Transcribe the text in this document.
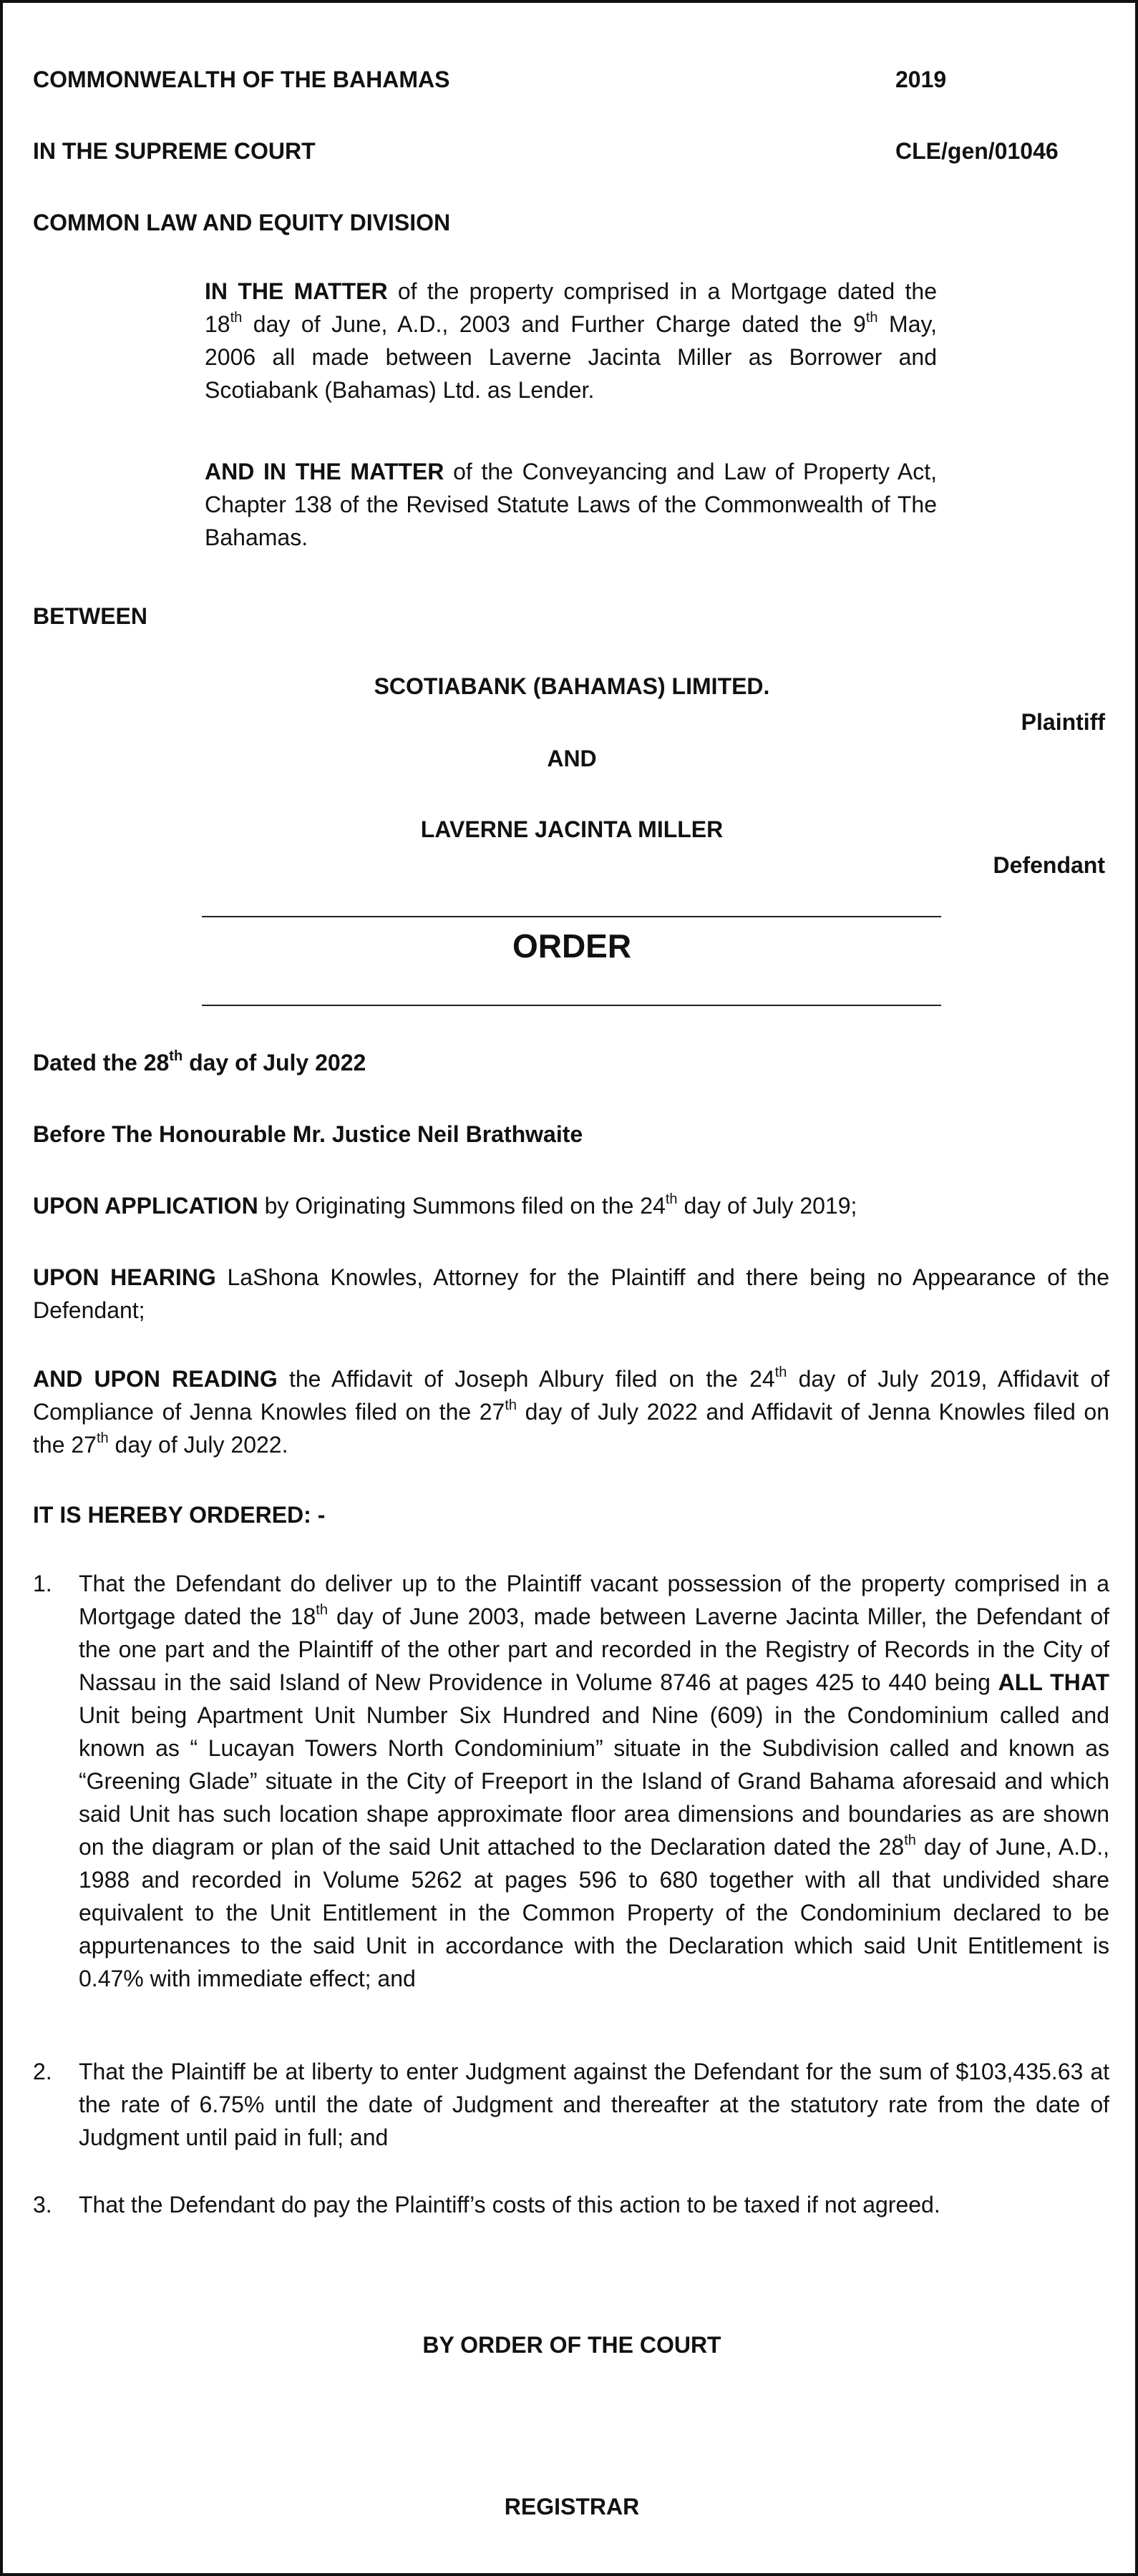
COMMONWEALTH OF THE BAHAMAS	2019
IN THE SUPREME COURT	CLE/gen/01046
COMMON LAW AND EQUITY DIVISION
IN THE MATTER of the property comprised in a Mortgage dated the 18th day of June, A.D., 2003 and Further Charge dated the 9th May, 2006 all made between Laverne Jacinta Miller as Borrower and Scotiabank (Bahamas) Ltd. as Lender.
AND IN THE MATTER of the Conveyancing and Law of Property Act, Chapter 138 of the Revised Statute Laws of the Commonwealth of The Bahamas.
BETWEEN
SCOTIABANK (BAHAMAS) LIMITED.
Plaintiff
AND
LAVERNE JACINTA MILLER
Defendant
ORDER
Dated the 28th day of July 2022
Before The Honourable Mr. Justice Neil Brathwaite
UPON APPLICATION by Originating Summons filed on the 24th day of July 2019;
UPON HEARING LaShona Knowles, Attorney for the Plaintiff and there being no Appearance of the Defendant;
AND UPON READING the Affidavit of Joseph Albury filed on the 24th day of July 2019, Affidavit of Compliance of Jenna Knowles filed on the 27th day of July 2022 and Affidavit of Jenna Knowles filed on the 27th day of July 2022.
IT IS HEREBY ORDERED: -
1.	That the Defendant do deliver up to the Plaintiff vacant possession of the property comprised in a Mortgage dated the 18th day of June 2003, made between Laverne Jacinta Miller, the Defendant of the one part and the Plaintiff of the other part and recorded in the Registry of Records in the City of Nassau in the said Island of New Providence in Volume 8746 at pages 425 to 440 being ALL THAT Unit being Apartment Unit Number Six Hundred and Nine (609) in the Condominium called and known as “ Lucayan Towers North Condominium” situate in the Subdivision called and known as “Greening Glade” situate in the City of Freeport in the Island of Grand Bahama aforesaid and which said Unit has such location shape approximate floor area dimensions and boundaries as are shown on the diagram or plan of the said Unit attached to the Declaration dated the 28th day of June, A.D., 1988 and recorded in Volume 5262 at pages 596 to 680 together with all that undivided share equivalent to the Unit Entitlement in the Common Property of the Condominium declared to be appurtenances to the said Unit in accordance with the Declaration which said Unit Entitlement is 0.47% with immediate effect; and
2.	That the Plaintiff be at liberty to enter Judgment against the Defendant for the sum of $103,435.63 at the rate of 6.75% until the date of Judgment and thereafter at the statutory rate from the date of Judgment until paid in full; and
3.	That the Defendant do pay the Plaintiff’s costs of this action to be taxed if not agreed.
BY ORDER OF THE COURT
REGISTRAR
